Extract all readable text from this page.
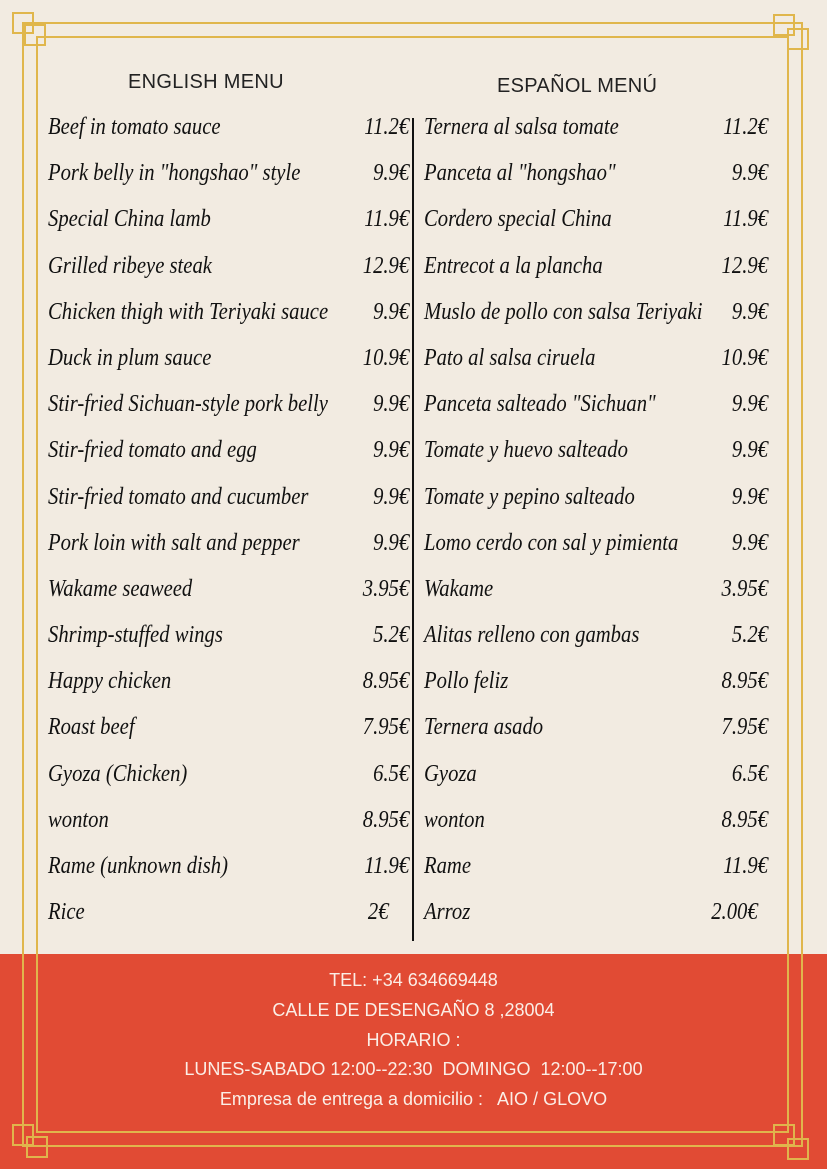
ENGLISH MENU	ESPAÑOL MENÚ
Beef in tomato sauce	11.2€
Pork belly in "hongshao" style	9.9€
Special China lamb	11.9€
Grilled ribeye steak	12.9€
Chicken thigh with Teriyaki sauce 9.9€
Duck in plum sauce	10.9€
Stir-fried Sichuan-style pork belly 9.9€
Stir-fried tomato and egg	9.9€
Stir-fried tomato and cucumber	9.9€
Pork loin with salt and pepper	9.9€
Wakame seaweed	3.95€
Shrimp-stuffed wings	5.2€
Happy chicken	8.95€
Roast beef	7.95€
Gyoza (Chicken)	6.5€
wonton	8.95€
Rame (unknown dish)	11.9€
Rice	2€
Ternera al salsa tomate	11.2€
Panceta al "hongshao"	9.9€
Cordero special China	11.9€
Entrecot a la plancha	12.9€
Muslo de pollo con salsa Teriyaki 9.9€
Pato al salsa ciruela	10.9€
Panceta salteado "Sichuan"	9.9€
Tomate y huevo salteado	9.9€
Tomate y pepino salteado	9.9€
Lomo cerdo con sal y pimienta 9.9€
Wakame	3.95€
Alitas relleno con gambas	5.2€
Pollo feliz	8.95€
Ternera asado	7.95€
Gyoza	6.5€
wonton	8.95€
Rame	11.9€
Arroz	2.00€
TEL: +34 634669448
CALLE DE DESENGAÑO 8 ,28004
HORARIO :
LUNES-SABADO 12:00--22:30  DOMINGO  12:00--17:00
Empresa de entrega a domicilio :   AIO / GLOVO
